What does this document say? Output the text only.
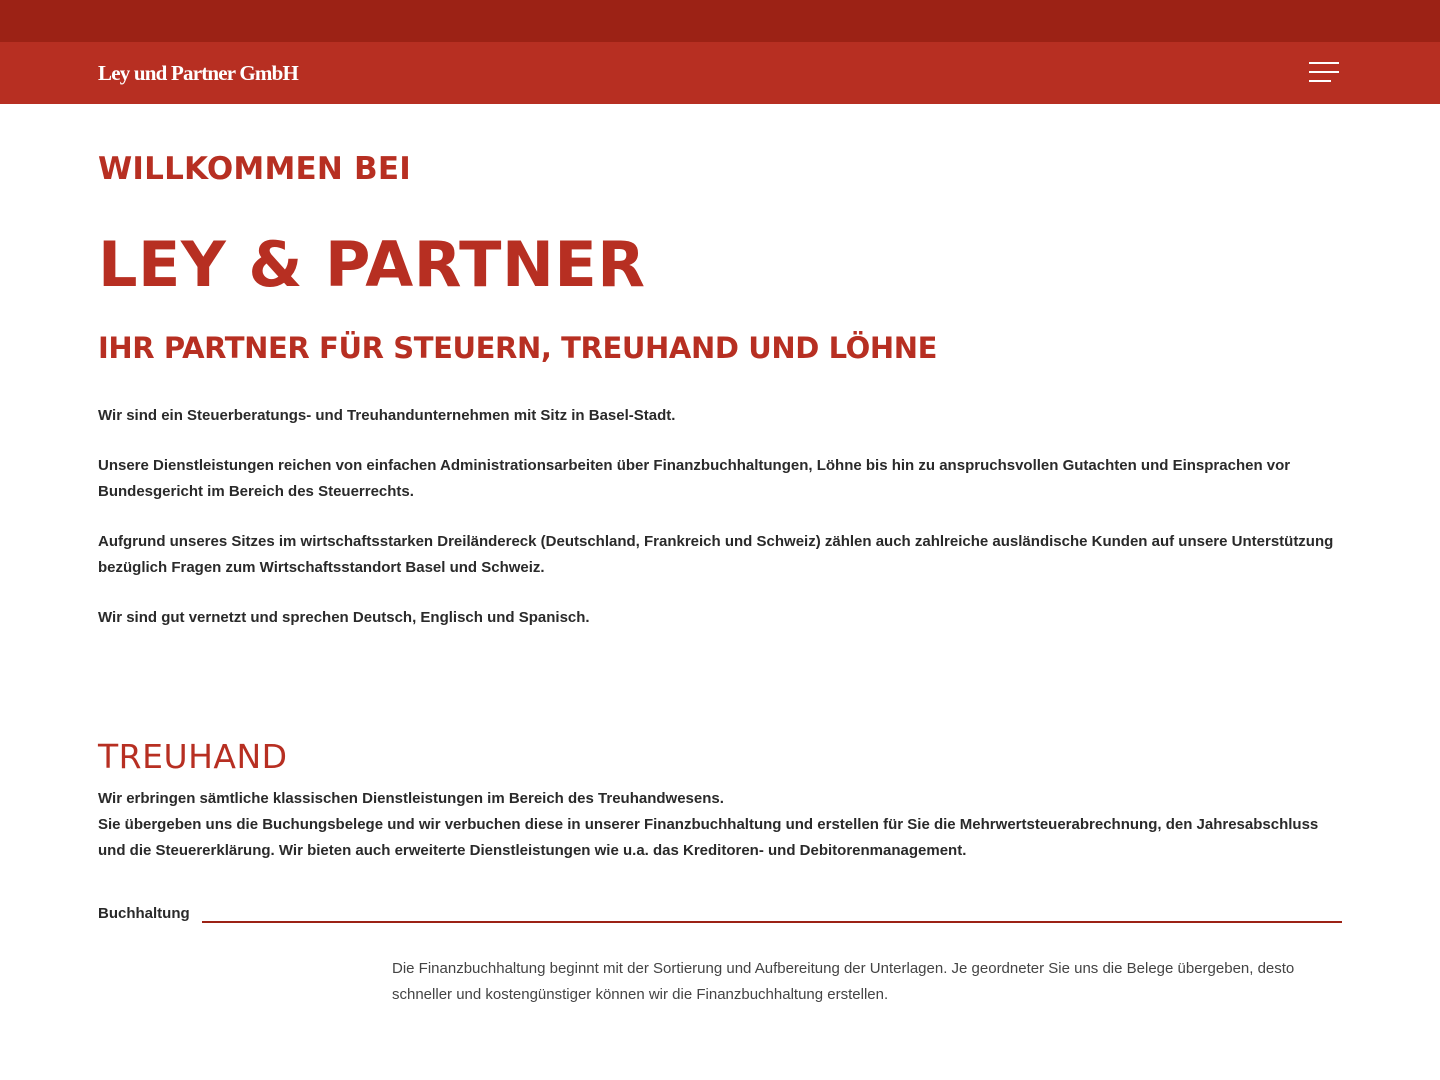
Ley und Partner GmbH
WILLKOMMEN BEI
LEY & PARTNER
IHR PARTNER FÜR STEUERN, TREUHAND UND LÖHNE

Wir sind ein Steuerberatungs- und Treuhandunternehmen mit Sitz in Basel-Stadt.

Unsere Dienstleistungen reichen von einfachen Administrationsarbeiten über Finanzbuchhaltungen, Löhne bis hin zu anspruchsvollen Gutachten und Einsprachen vor Bundesgericht im Bereich des Steuerrechts.

Aufgrund unseres Sitzes im wirtschaftsstarken Dreiländereck (Deutschland, Frankreich und Schweiz) zählen auch zahlreiche ausländische Kunden auf unsere Unterstützung bezüglich Fragen zum Wirtschaftsstandort Basel und Schweiz.

Wir sind gut vernetzt und sprechen Deutsch, Englisch und Spanisch.

TREUHAND

Wir erbringen sämtliche klassischen Dienstleistungen im Bereich des Treuhandwesens.

Sie übergeben uns die Buchungsbelege und wir verbuchen diese in unserer Finanzbuchhaltung und erstellen für Sie die Mehrwertsteuerabrechnung, den Jahresabschluss und die Steuererklärung. Wir bieten auch erweiterte Dienstleistungen wie u.a. das Kreditoren- und Debitorenmanagement.

Buchhaltung

Die Finanzbuchhaltung beginnt mit der Sortierung und Aufbereitung der Unterlagen. Je geordneter Sie uns die Belege übergeben, desto schneller und kostengünstiger können wir die Finanzbuchhaltung erstellen.
